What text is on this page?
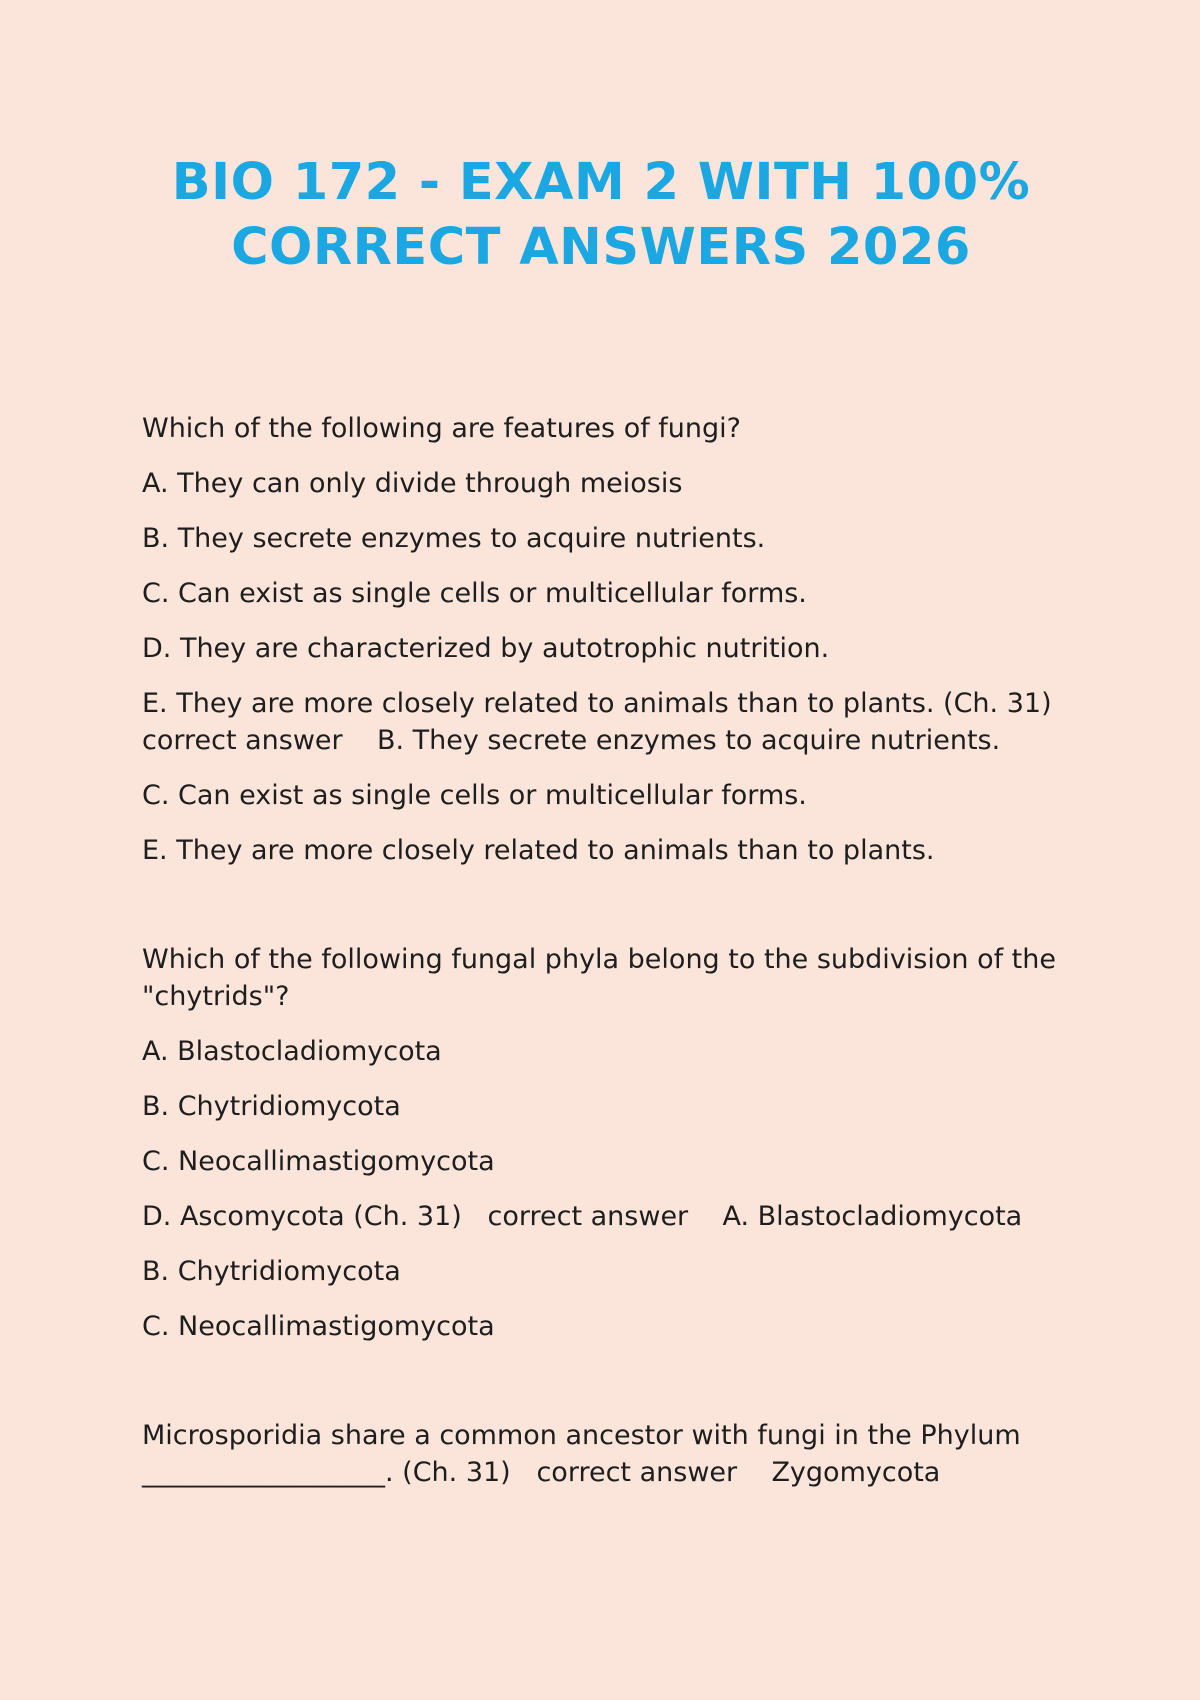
BIO 172 - EXAM 2 WITH 100%
CORRECT ANSWERS 2026

Which of the following are features of fungi?

A. They can only divide through meiosis

B. They secrete enzymes to acquire nutrients.

C. Can exist as single cells or multicellular forms.

D. They are characterized by autotrophic nutrition.

E. They are more closely related to animals than to plants. (Ch. 31)   correct answer    B. They secrete enzymes to acquire nutrients.

C. Can exist as single cells or multicellular forms.

E. They are more closely related to animals than to plants.

Which of the following fungal phyla belong to the subdivision of the "chytrids"?

A. Blastocladiomycota

B. Chytridiomycota

C. Neocallimastigomycota

D. Ascomycota (Ch. 31)   correct answer    A. Blastocladiomycota

B. Chytridiomycota

C. Neocallimastigomycota

Microsporidia share a common ancestor with fungi in the Phylum __________________. (Ch. 31)   correct answer    Zygomycota
